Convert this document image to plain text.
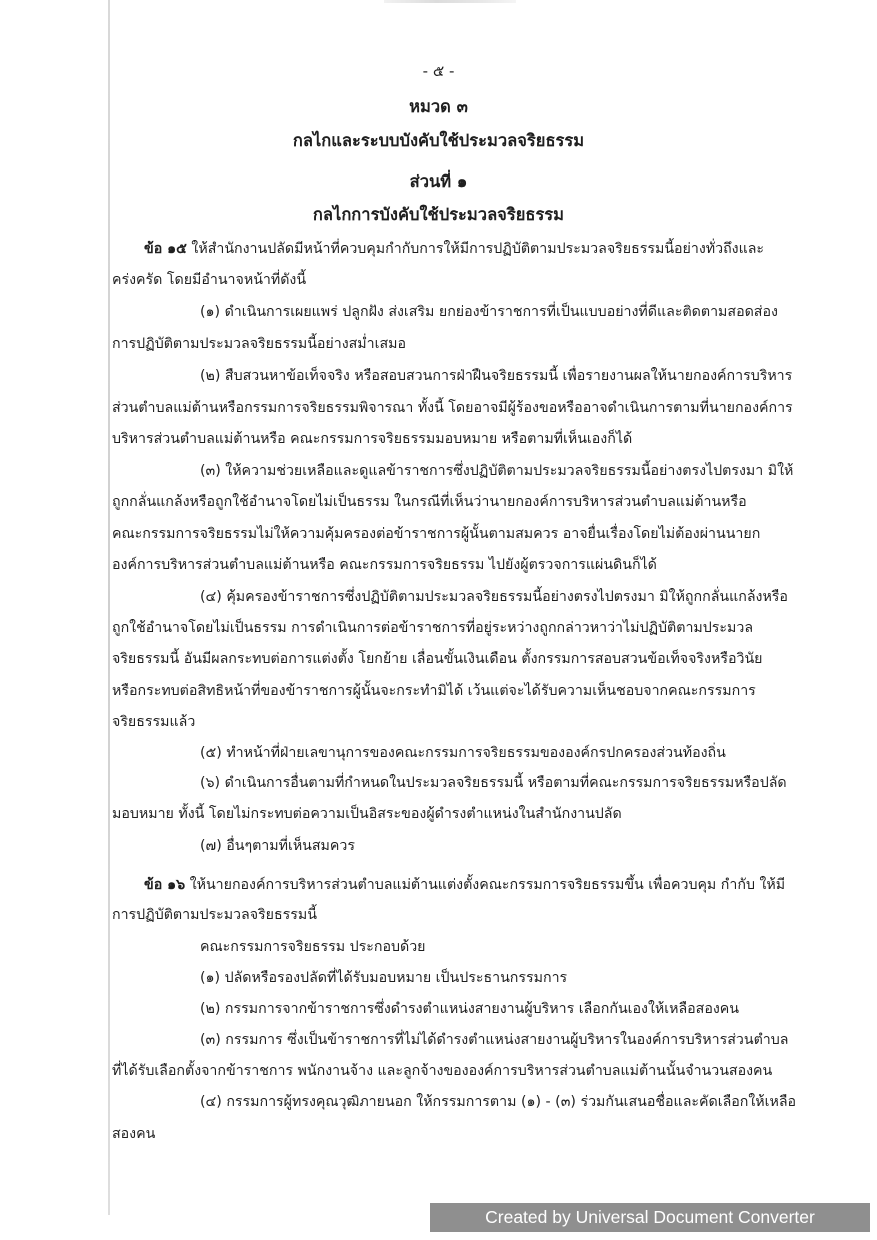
- ๕ -
หมวด ๓
กลไกและระบบบังคับใช้ประมวลจริยธรรม
ส่วนที่ ๑
กลไกการบังคับใช้ประมวลจริยธรรม
ข้อ ๑๕ ให้สำนักงานปลัดมีหน้าที่ควบคุมกำกับการให้มีการปฏิบัติตามประมวลจริยธรรมนี้อย่างทั่วถึงและ
คร่งครัด โดยมีอำนาจหน้าที่ดังนี้
(๑) ดำเนินการเผยแพร่ ปลูกฝัง ส่งเสริม ยกย่องข้าราชการที่เป็นแบบอย่างที่ดีและติดตามสอดส่อง
การปฏิบัติตามประมวลจริยธรรมนี้อย่างสม่ำเสมอ
(๒) สืบสวนหาข้อเท็จจริง หรือสอบสวนการฝ่าฝืนจริยธรรมนี้ เพื่อรายงานผลให้นายกองค์การบริหาร
ส่วนตำบลแม่ต้านหรือกรรมการจริยธรรมพิจารณา ทั้งนี้ โดยอาจมีผู้ร้องขอหรืออาจดำเนินการตามที่นายกองค์การ
บริหารส่วนตำบลแม่ต้านหรือ คณะกรรมการจริยธรรมมอบหมาย หรือตามที่เห็นเองก็ได้
(๓) ให้ความช่วยเหลือและดูแลข้าราชการซึ่งปฏิบัติตามประมวลจริยธรรมนี้อย่างตรงไปตรงมา มิให้
ถูกกลั่นแกล้งหรือถูกใช้อำนาจโดยไม่เป็นธรรม ในกรณีที่เห็นว่านายกองค์การบริหารส่วนตำบลแม่ต้านหรือ
คณะกรรมการจริยธรรมไม่ให้ความคุ้มครองต่อข้าราชการผู้นั้นตามสมควร อาจยื่นเรื่องโดยไม่ต้องผ่านนายก
องค์การบริหารส่วนตำบลแม่ต้านหรือ คณะกรรมการจริยธรรม ไปยังผู้ตรวจการแผ่นดินก็ได้
(๔) คุ้มครองข้าราชการซึ่งปฏิบัติตามประมวลจริยธรรมนี้อย่างตรงไปตรงมา มิให้ถูกกลั่นแกล้งหรือ
ถูกใช้อำนาจโดยไม่เป็นธรรม การดำเนินการต่อข้าราชการที่อยู่ระหว่างถูกกล่าวหาว่าไม่ปฏิบัติตามประมวล
จริยธรรมนี้ อันมีผลกระทบต่อการแต่งตั้ง โยกย้าย เลื่อนขั้นเงินเดือน ตั้งกรรมการสอบสวนข้อเท็จจริงหรือวินัย
หรือกระทบต่อสิทธิหน้าที่ของข้าราชการผู้นั้นจะกระทำมิได้ เว้นแต่จะได้รับความเห็นชอบจากคณะกรรมการ
จริยธรรมแล้ว
(๕) ทำหน้าที่ฝ่ายเลขานุการของคณะกรรมการจริยธรรมขององค์กรปกครองส่วนท้องถิ่น
(๖) ดำเนินการอื่นตามที่กำหนดในประมวลจริยธรรมนี้ หรือตามที่คณะกรรมการจริยธรรมหรือปลัด
มอบหมาย ทั้งนี้ โดยไม่กระทบต่อความเป็นอิสระของผู้ดำรงตำแหน่งในสำนักงานปลัด
(๗) อื่นๆตามที่เห็นสมควร
ข้อ ๑๖ ให้นายกองค์การบริหารส่วนตำบลแม่ต้านแต่งตั้งคณะกรรมการจริยธรรมขึ้น เพื่อควบคุม กำกับ ให้มี
การปฏิบัติตามประมวลจริยธรรมนี้
คณะกรรมการจริยธรรม ประกอบด้วย
(๑) ปลัดหรือรองปลัดที่ได้รับมอบหมาย เป็นประธานกรรมการ
(๒) กรรมการจากข้าราชการซึ่งดำรงตำแหน่งสายงานผู้บริหาร เลือกกันเองให้เหลือสองคน
(๓) กรรมการ ซึ่งเป็นข้าราชการที่ไม่ได้ดำรงตำแหน่งสายงานผู้บริหารในองค์การบริหารส่วนตำบล
ที่ได้รับเลือกตั้งจากข้าราชการ พนักงานจ้าง และลูกจ้างขององค์การบริหารส่วนตำบลแม่ต้านนั้นจำนวนสองคน
(๔) กรรมการผู้ทรงคุณวุฒิภายนอก ให้กรรมการตาม (๑) - (๓) ร่วมกันเสนอชื่อและคัดเลือกให้เหลือ
สองคน
Created by Universal Document Converter
